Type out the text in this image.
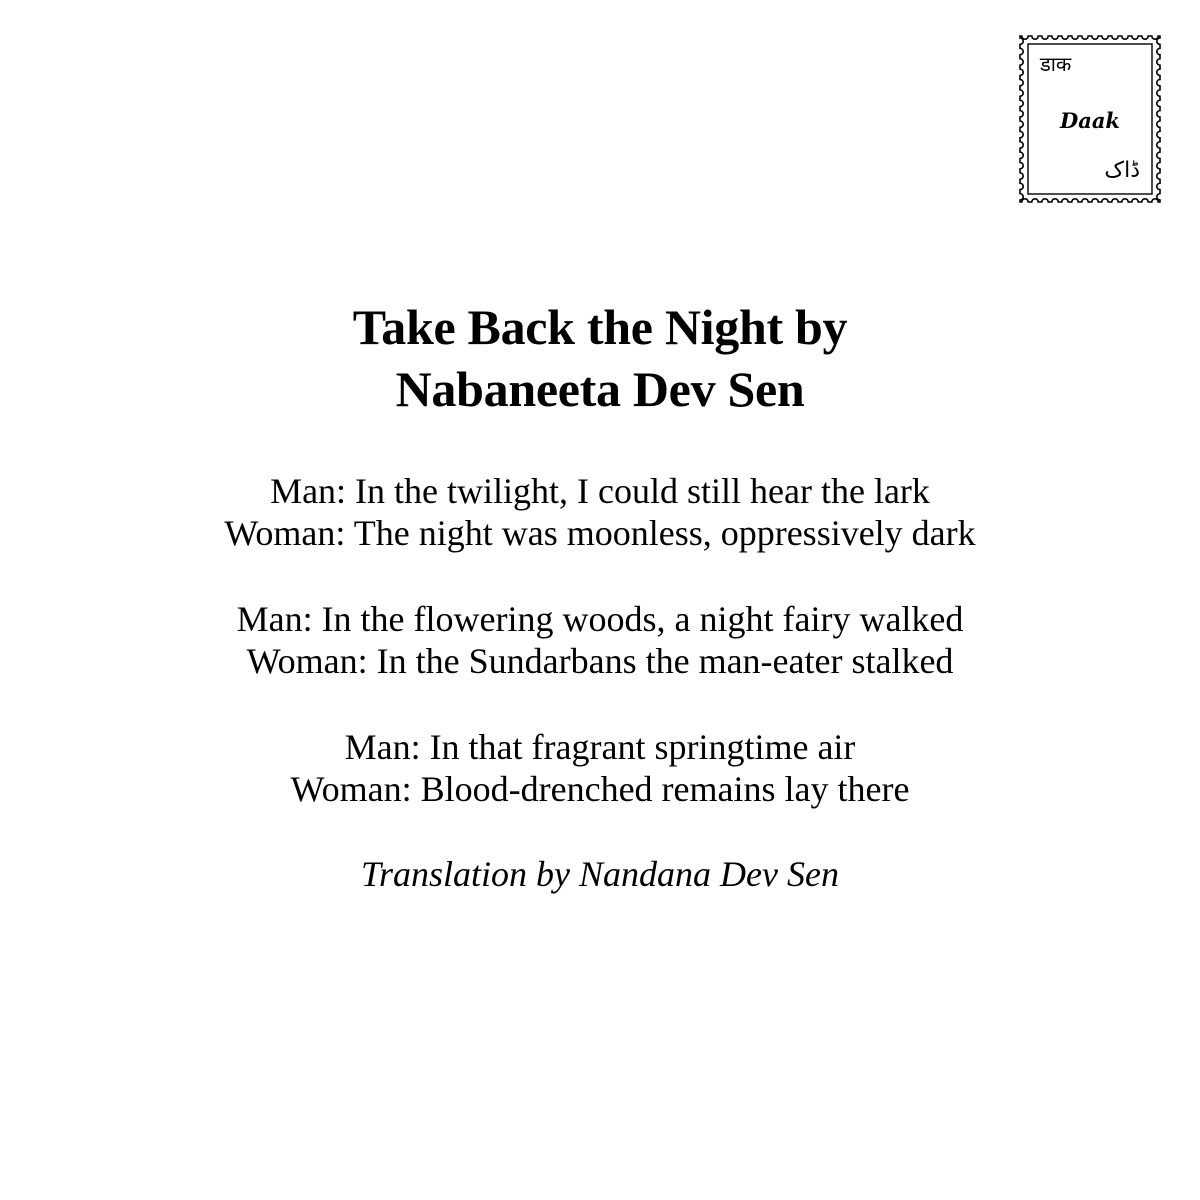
डाक
Daak
ڈاک
Take Back the Night by
Nabaneeta Dev Sen

Man: In the twilight, I could still hear the lark
Woman: The night was moonless, oppressively dark

Man: In the flowering woods, a night fairy walked
Woman: In the Sundarbans the man-eater stalked

Man: In that fragrant springtime air
Woman: Blood-drenched remains lay there

Translation by Nandana Dev Sen
